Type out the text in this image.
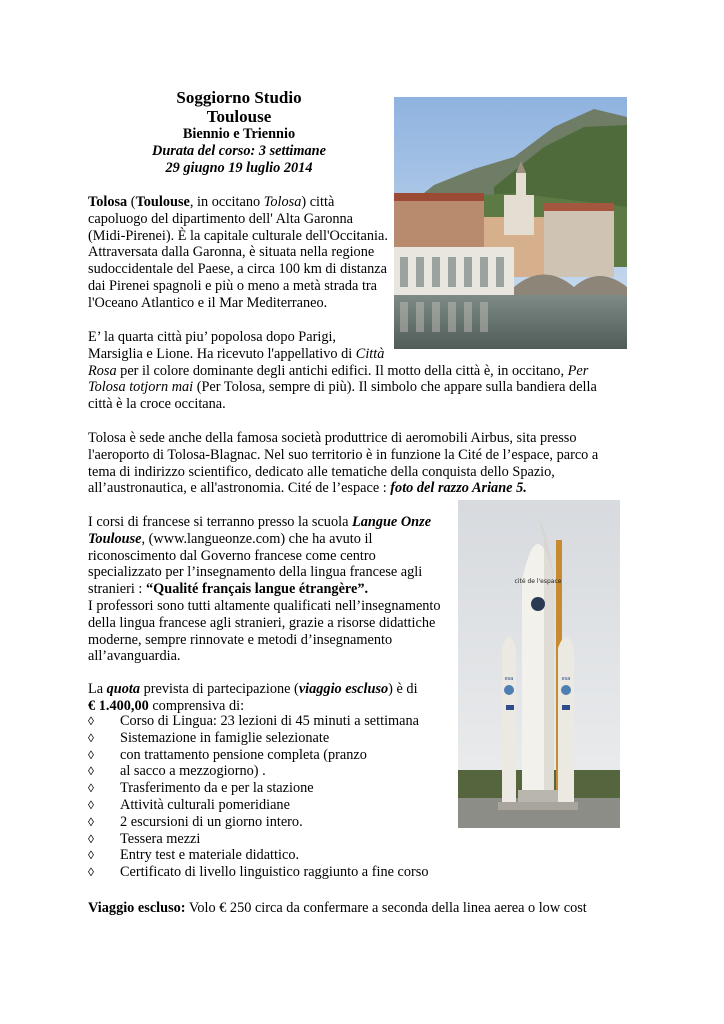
Soggiorno Studio
Toulouse
Biennio e Triennio
Durata del corso: 3 settimane
29 giugno 19 luglio 2014
cité de l'espace
esa	esa
Tolosa (Toulouse, in occitano Tolosa) città
capoluogo del dipartimento dell' Alta Garonna
(Midi-Pirenei). È la capitale culturale dell'Occitania.
Attraversata dalla Garonna, è situata nella regione
sudoccidentale del Paese, a circa 100 km di distanza
dai Pirenei spagnoli e più o meno a metà strada tra
l'Oceano Atlantico e il Mar Mediterraneo.
E’ la quarta città piu’ popolosa dopo Parigi,
Marsiglia e Lione. Ha ricevuto l'appellativo di Città
Rosa per il colore dominante degli antichi edifici. Il motto della città è, in occitano, Per
Tolosa totjorn mai (Per Tolosa, sempre di più). Il simbolo che appare sulla bandiera della
città è la croce occitana.
Tolosa è sede anche della famosa società produttrice di aeromobili Airbus, sita presso
l'aeroporto di Tolosa-Blagnac. Nel suo territorio è in funzione la Cité de l’espace, parco a
tema di indirizzo scientifico, dedicato alle tematiche della conquista dello Spazio,
all’austronautica, e all'astronomia. Cité de l’espace : foto del razzo Ariane 5.
I corsi di francese si terranno presso la scuola Langue Onze
Toulouse, (www.langueonze.com) che ha avuto il
riconoscimento dal Governo francese come centro
specializzato per l’insegnamento della lingua francese agli
stranieri : “Qualité français langue étrangère”.
I professori sono tutti altamente qualificati nell’insegnamento
della lingua francese agli stranieri, grazie a risorse didattiche
moderne, sempre rinnovate e metodi d’insegnamento
all’avanguardia.
La quota prevista di partecipazione (viaggio escluso) è di
€ 1.400,00 comprensiva di:
◊ Corso di Lingua: 23 lezioni di 45 minuti a settimana
◊ Sistemazione in famiglie selezionate
◊ con trattamento pensione completa (pranzo
◊ al sacco a mezzogiorno) .
◊ Trasferimento da e per la stazione
◊ Attività culturali pomeridiane
◊ 2 escursioni di un giorno intero.
◊ Tessera mezzi
◊ Entry test e materiale didattico.
◊ Certificato di livello linguistico raggiunto a fine corso
Viaggio escluso: Volo € 250 circa da confermare a seconda della linea aerea o low cost
